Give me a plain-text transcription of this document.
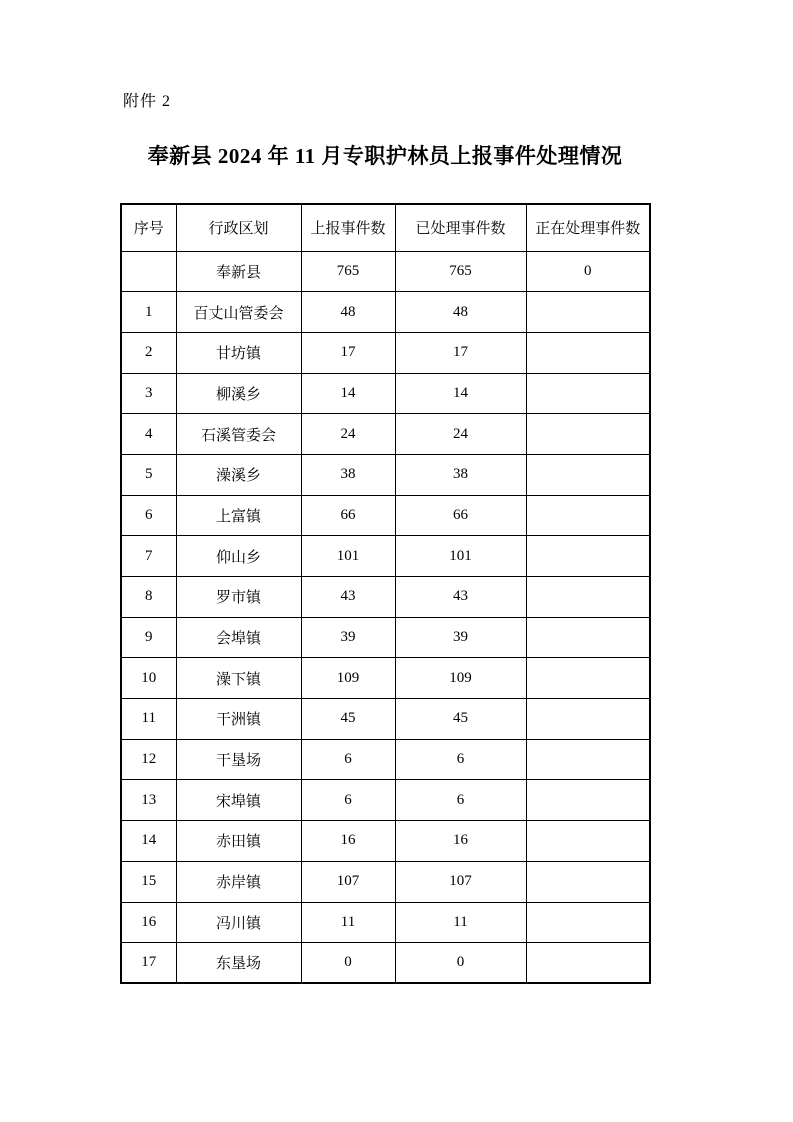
附件 2
奉新县 2024 年 11 月专职护林员上报事件处理情况
序号	行政区划	上报事件数	已处理事件数	正在处理事件数
	奉新县	765	765	0
1	百丈山管委会	48	48	
2	甘坊镇	17	17	
3	柳溪乡	14	14	
4	石溪管委会	24	24	
5	澡溪乡	38	38	
6	上富镇	66	66	
7	仰山乡	101	101	
8	罗市镇	43	43	
9	会埠镇	39	39	
10	澡下镇	109	109	
11	干洲镇	45	45	
12	干垦场	6	6	
13	宋埠镇	6	6	
14	赤田镇	16	16	
15	赤岸镇	107	107	
16	冯川镇	11	11	
17	东垦场	0	0	
